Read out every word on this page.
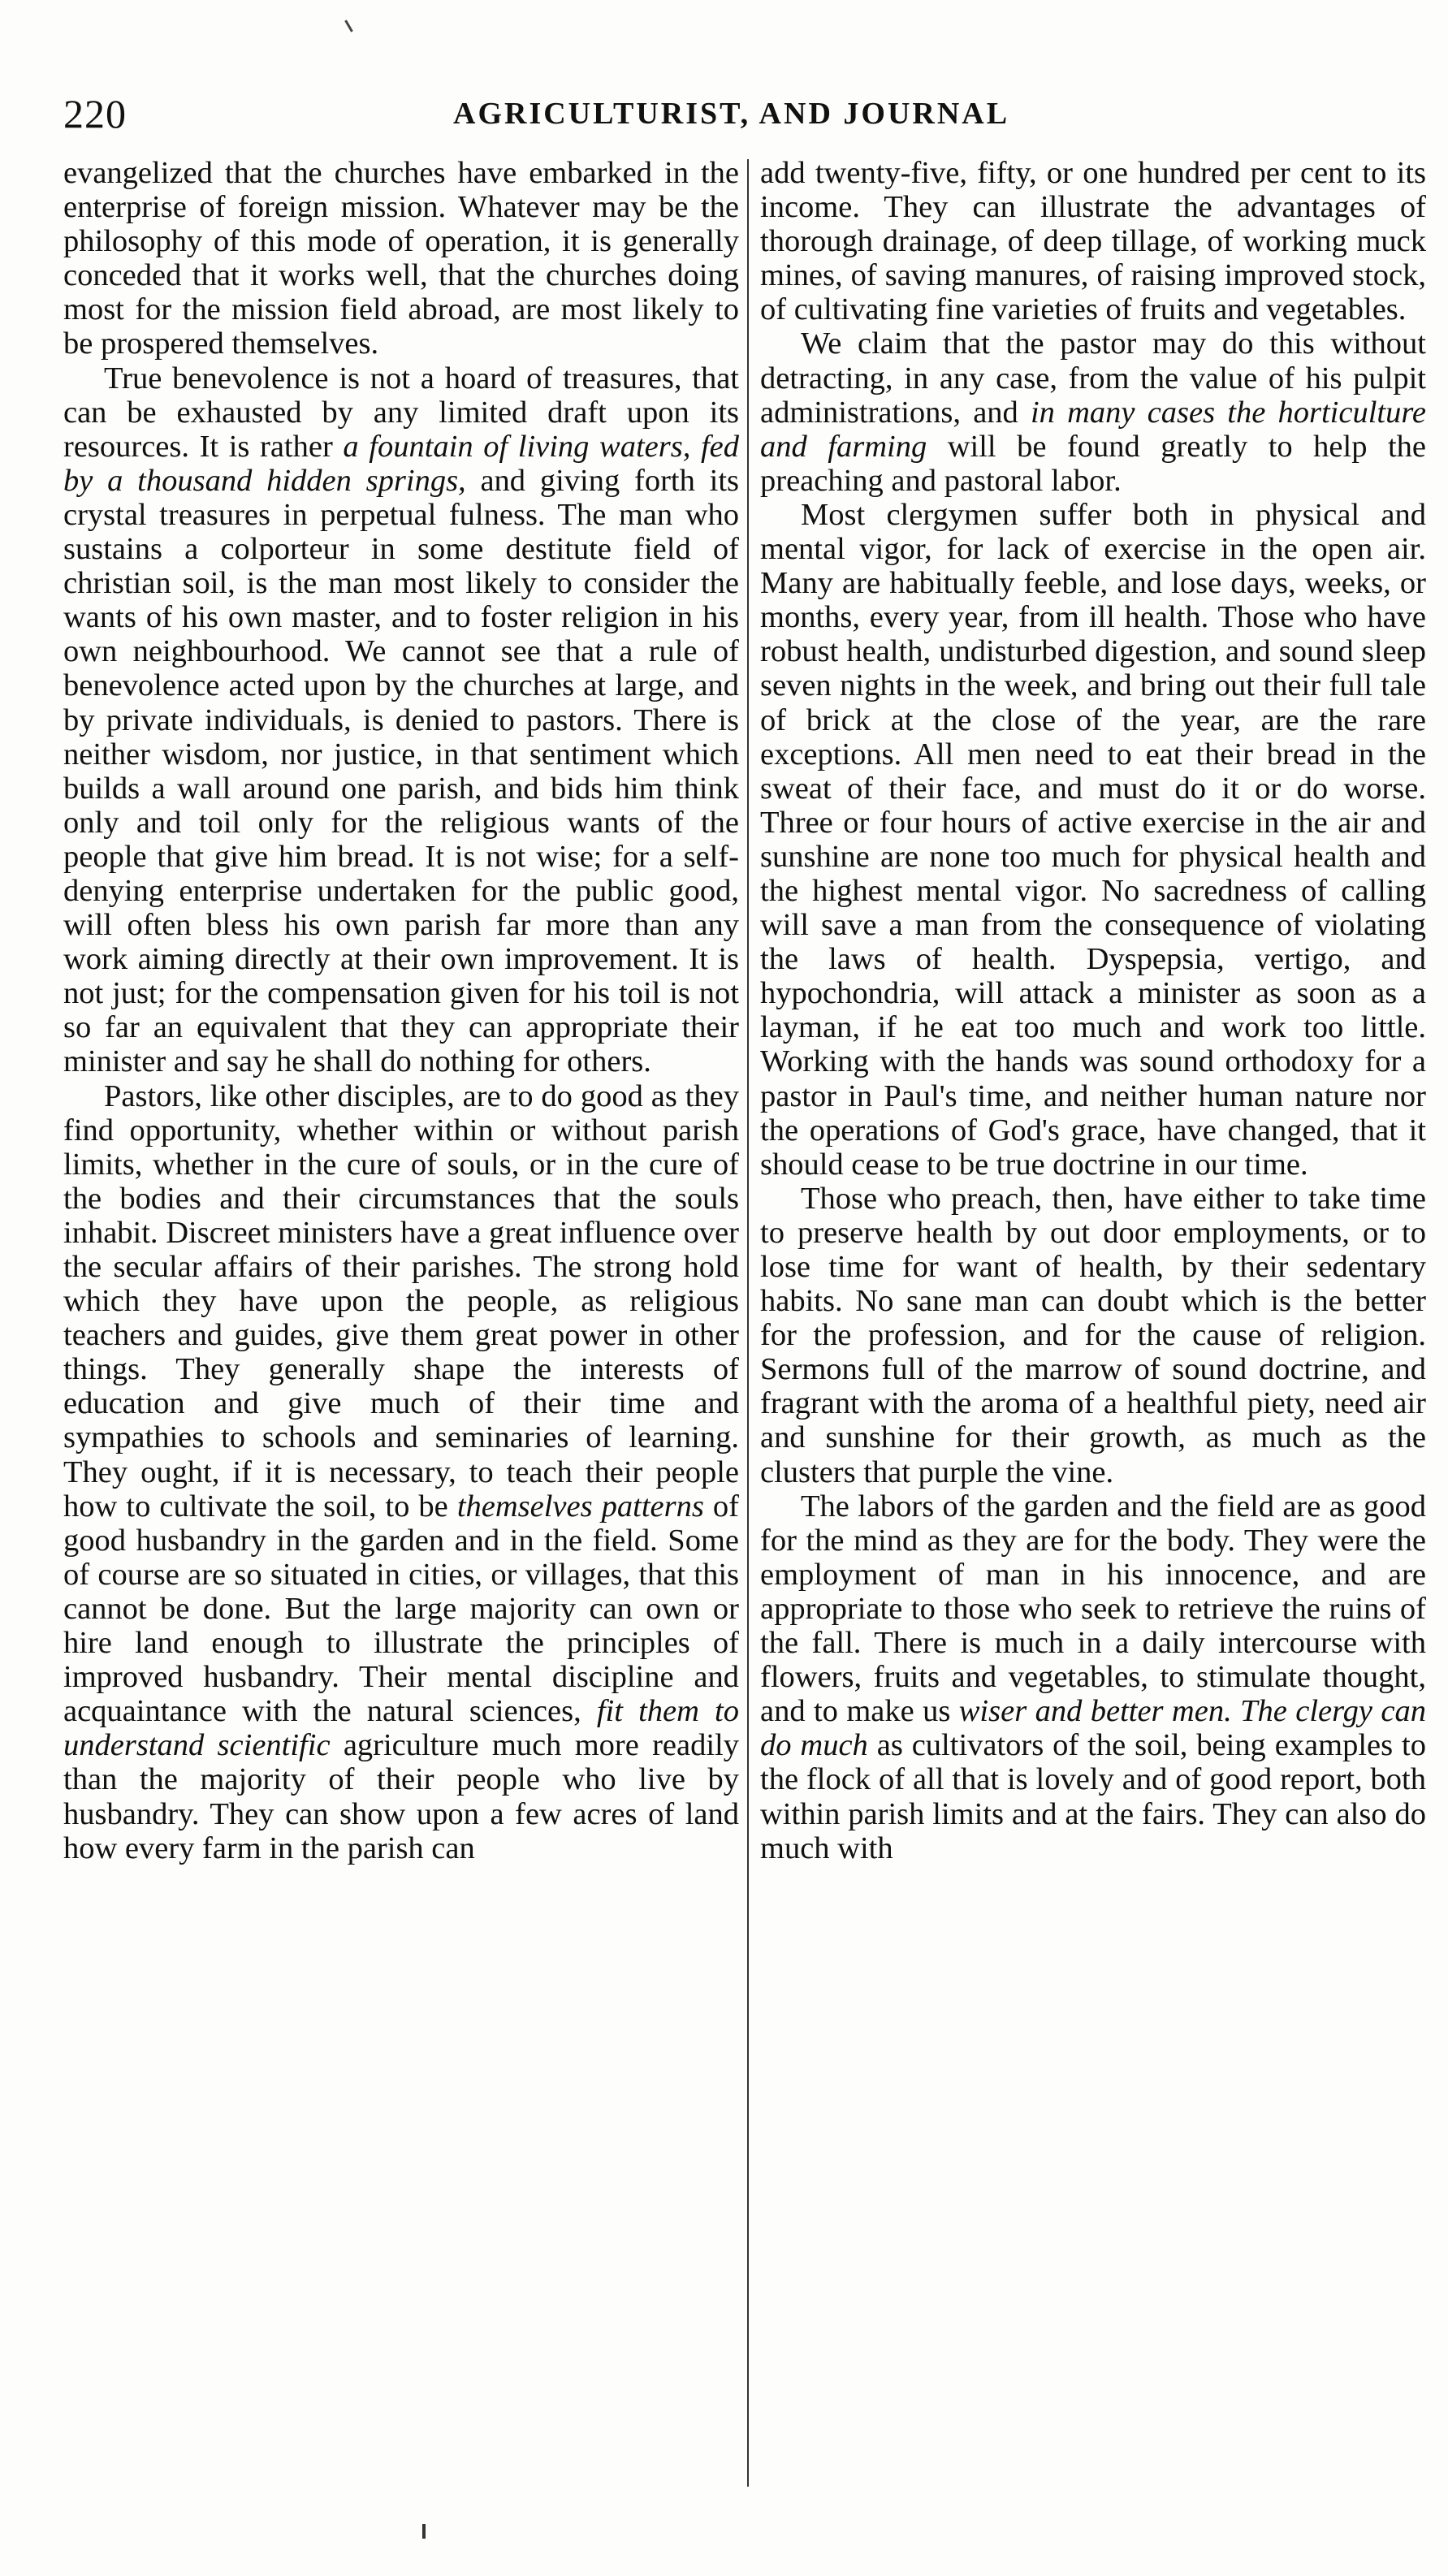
220	AGRICULTURIST, AND JOURNAL

evangelized that the churches have embarked in the enterprise of foreign mission. Whatever may be the philosophy of this mode of operation, it is generally conceded that it works well, that the churches doing most for the mission field abroad, are most likely to be prospered themselves.

True benevolence is not a hoard of treasures, that can be exhausted by any limited draft upon its resources. It is rather a fountain of living waters, fed by a thousand hidden springs, and giving forth its crystal treasures in perpetual fulness. The man who sustains a colporteur in some destitute field of christian soil, is the man most likely to consider the wants of his own master, and to foster religion in his own neighbourhood. We cannot see that a rule of benevolence acted upon by the churches at large, and by private individuals, is denied to pastors. There is neither wisdom, nor justice, in that sentiment which builds a wall around one parish, and bids him think only and toil only for the religious wants of the people that give him bread. It is not wise; for a self-denying enterprise undertaken for the public good, will often bless his own parish far more than any work aiming directly at their own improvement. It is not just; for the compensation given for his toil is not so far an equivalent that they can appropriate their minister and say he shall do nothing for others.

Pastors, like other disciples, are to do good as they find opportunity, whether within or without parish limits, whether in the cure of souls, or in the cure of the bodies and their circumstances that the souls inhabit. Discreet ministers have a great influence over the secular affairs of their parishes. The strong hold which they have upon the people, as religious teachers and guides, give them great power in other things. They generally shape the interests of education and give much of their time and sympathies to schools and seminaries of learning. They ought, if it is necessary, to teach their people how to cultivate the soil, to be themselves patterns of good husbandry in the garden and in the field. Some of course are so situated in cities, or villages, that this cannot be done. But the large majority can own or hire land enough to illustrate the principles of improved husbandry. Their mental discipline and acquaintance with the natural sciences, fit them to understand scientific agriculture much more readily than the majority of their people who live by husbandry. They can show upon a few acres of land how every farm in the parish can

add twenty-five, fifty, or one hundred per cent to its income. They can illustrate the advantages of thorough drainage, of deep tillage, of working muck mines, of saving manures, of raising improved stock, of cultivating fine varieties of fruits and vegetables.

We claim that the pastor may do this without detracting, in any case, from the value of his pulpit administrations, and in many cases the horticulture and farming will be found greatly to help the preaching and pastoral labor.

Most clergymen suffer both in physical and mental vigor, for lack of exercise in the open air. Many are habitually feeble, and lose days, weeks, or months, every year, from ill health. Those who have robust health, undisturbed digestion, and sound sleep seven nights in the week, and bring out their full tale of brick at the close of the year, are the rare exceptions. All men need to eat their bread in the sweat of their face, and must do it or do worse. Three or four hours of active exercise in the air and sunshine are none too much for physical health and the highest mental vigor. No sacredness of calling will save a man from the consequence of violating the laws of health. Dyspepsia, vertigo, and hypochondria, will attack a minister as soon as a layman, if he eat too much and work too little. Working with the hands was sound orthodoxy for a pastor in Paul's time, and neither human nature nor the operations of God's grace, have changed, that it should cease to be true doctrine in our time.

Those who preach, then, have either to take time to preserve health by out door employments, or to lose time for want of health, by their sedentary habits. No sane man can doubt which is the better for the profession, and for the cause of religion. Sermons full of the marrow of sound doctrine, and fragrant with the aroma of a healthful piety, need air and sunshine for their growth, as much as the clusters that purple the vine.

The labors of the garden and the field are as good for the mind as they are for the body. They were the employment of man in his innocence, and are appropriate to those who seek to retrieve the ruins of the fall. There is much in a daily intercourse with flowers, fruits and vegetables, to stimulate thought, and to make us wiser and better men. The clergy can do much as cultivators of the soil, being examples to the flock of all that is lovely and of good report, both within parish limits and at the fairs. They can also do much with
